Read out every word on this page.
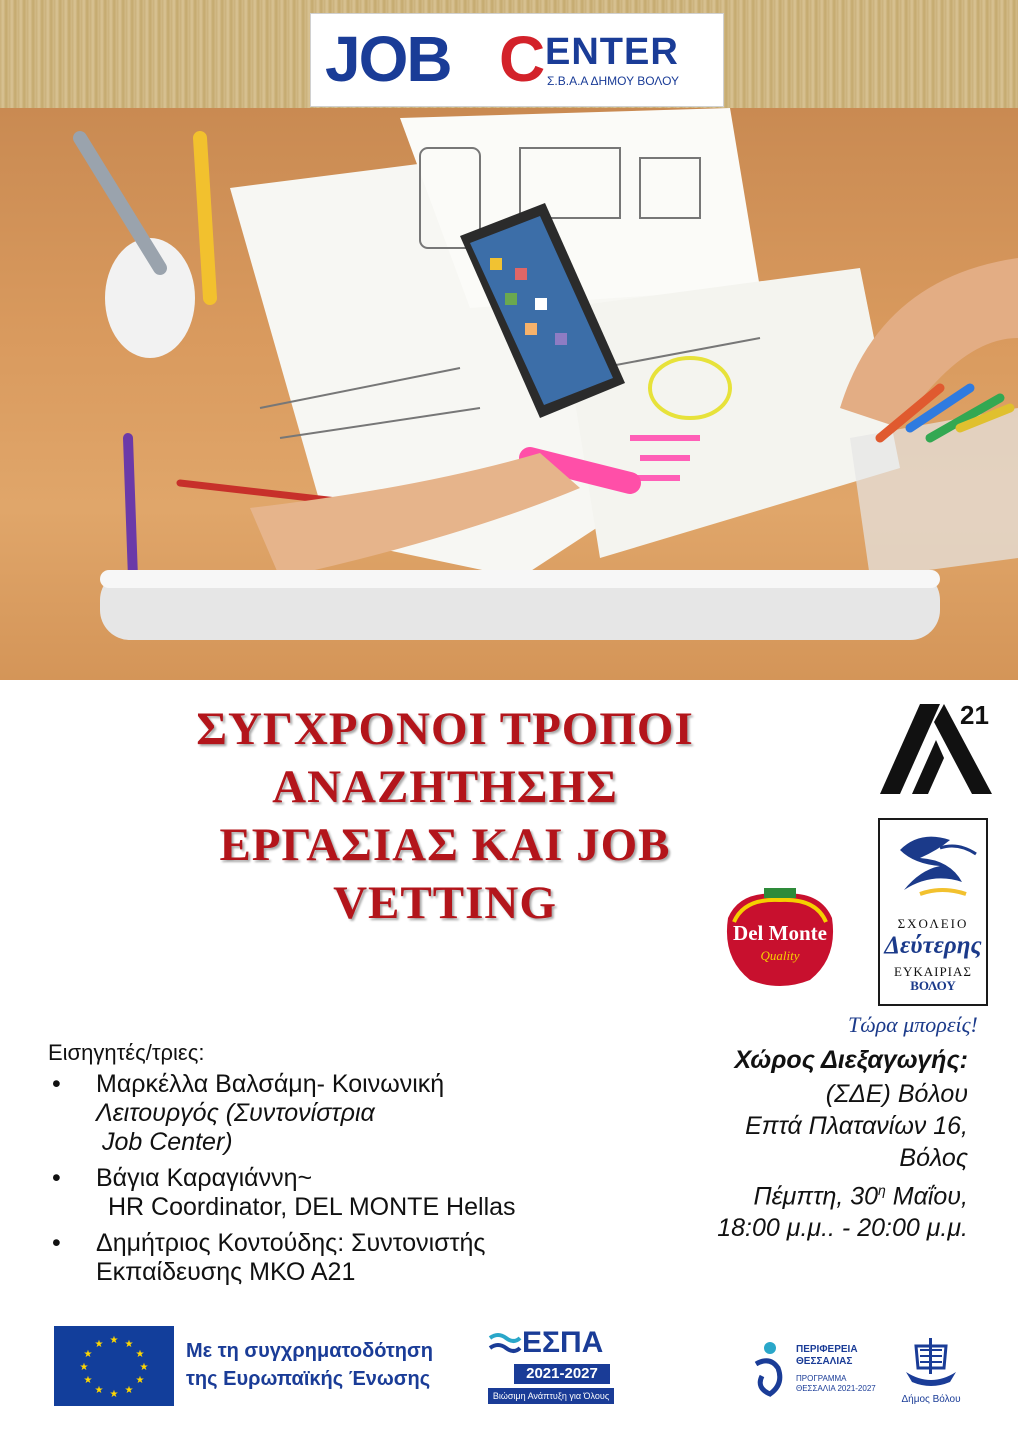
JOB C ENTER
Σ.Β.Α.Α ΔΗΜΟΥ ΒΟΛΟΥ
ΣΥΓΧΡΟΝΟΙ ΤΡΟΠΟΙ
ΑΝΑΖΗΤΗΣΗΣ
ΕΡΓΑΣΙΑΣ ΚΑΙ JOB
VETTING
21
Del Monte
Quality
ΣΧΟΛΕΙΟ
Δεύτερης
ΕΥΚΑΙΡΙΑΣ
ΒΟΛΟΥ
Τώρα μπορείς!
Εισηγητές/τριες:
• Μαρκέλλα Βαλσάμη- Κοινωνική
Λειτουργός (Συντονίστρια
Job Center)
• Βάγια Καραγιάννη~
HR Coordinator, DEL MONTE Hellas
• Δημήτριος Κοντούδης: Συντονιστής
Εκπαίδευσης ΜΚΟ Α21
Χώρος Διεξαγωγής:
(ΣΔΕ) Βόλου
Επτά Πλατανίων 16,
Βόλος
Πέμπτη, $30^\eta$ Μαΐου,
18:00 μ.μ.. - 20:00 μ.μ.
★ ★
★
★
★
★
★
★
★
★
★
★	Με τη συγχρηματοδότηση
της Ευρωπαϊκής Ένωσης
ΕΣΠΑ
2021-2027
Βιώσιμη Ανάπτυξη για Όλους
ΠΕΡΙΦΕΡΕΙΑ
ΘΕΣΣΑΛΙΑΣ
ΠΡΟΓΡΑΜΜΑ
ΘΕΣΣΑΛΙΑ 2021-2027
Δήμος Βόλου
